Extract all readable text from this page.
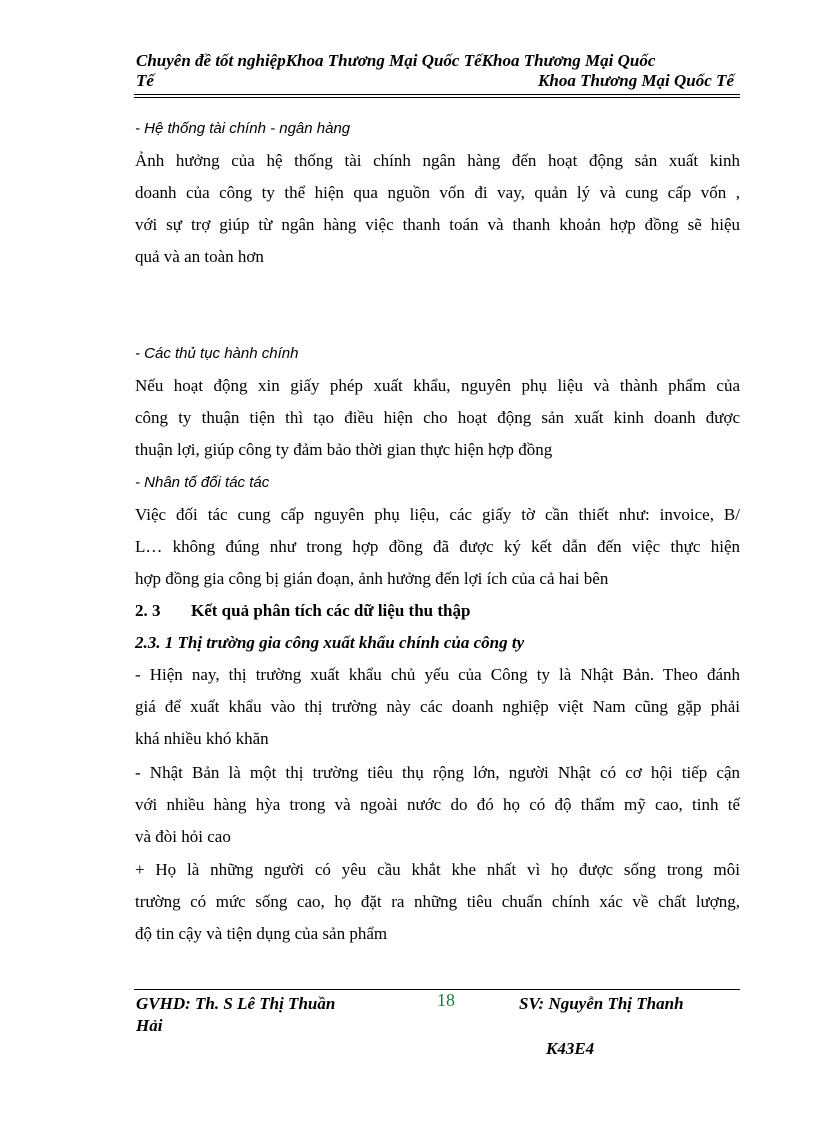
Chuyên đề tốt nghiệpKhoa Thương Mại Quốc TếKhoa Thương Mại Quốc
Tế	Khoa Thương Mại Quốc Tế
- Hệ thống tài chính - ngân hàng
Ảnh hưởng của hệ thống tài chính ngân hàng đến hoạt động sản xuất kinh
doanh của công ty thể hiện qua nguồn vốn đi vay, quản lý và cung cấp vốn ,
với sự trợ giúp từ ngân hàng việc thanh toán và thanh khoản hợp đồng sẽ hiệu
quả và an toàn hơn
- Các thủ tục hành chính
Nếu hoạt động xin giấy phép xuất khẩu, nguyên phụ liệu và thành phẩm của
công ty thuận tiện thì tạo điều hiện cho hoạt động sản xuất kinh doanh được
thuận lợi, giúp công ty đảm bảo thời gian thực hiện hợp đồng
- Nhân tố đối tác tác
Việc đối tác cung cấp nguyên phụ liệu, các giấy tờ cần thiết như: invoice, B/
L… không đúng như trong hợp đồng đã được ký kết dẫn đến việc thực hiện
hợp đồng gia công bị gián đoạn, ảnh hưởng đến lợi ích của cả hai bên
2. 3 Kết quả phân tích các dữ liệu thu thập
2.3. 1 Thị trường gia công xuất khẩu chính của công ty
- Hiện nay, thị trường xuất khẩu chủ yếu của Công ty là Nhật Bản. Theo đánh
giá để xuất khẩu vào thị trường này các doanh nghiệp việt Nam cũng gặp phải
khá nhiều khó khăn
- Nhật Bản là một thị trường tiêu thụ rộng lớn, người Nhật có cơ hội tiếp cận
với nhiều hàng hỳa trong và ngoài nước do đó họ có độ thẩm mỹ cao, tinh tế
và đòi hỏi cao
+ Họ là những người có yêu cầu khắt khe nhất vì họ được sống trong môi
trường có mức sống cao, họ đặt ra những tiêu chuẩn chính xác về chất lượng,
độ tin cậy và tiện dụng của sản phẩm
GVHD: Th. S Lê Thị Thuần
Hải
18	SV: Nguyễn Thị Thanh
K43E4
